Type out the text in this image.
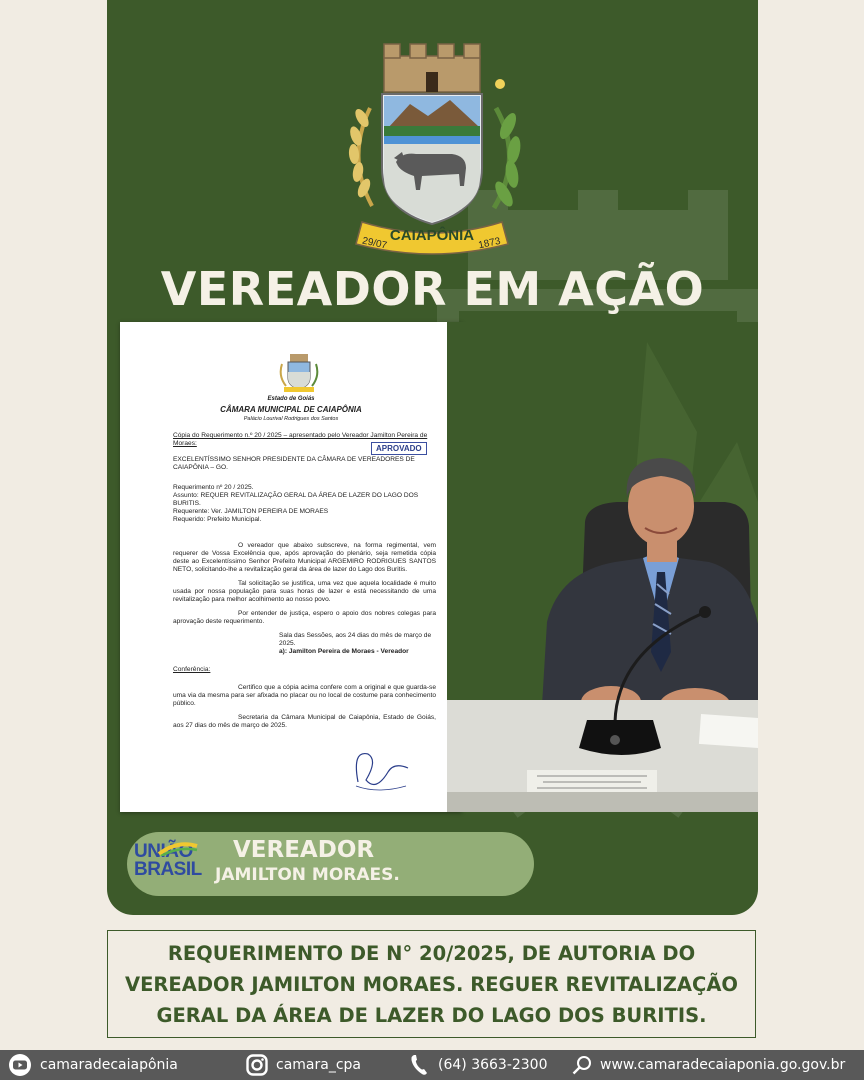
CAIAPÔNIA
29/07	1873
VEREADOR EM AÇÃO
Estado de Goiás
CÂMARA MUNICIPAL DE CAIAPÔNIA
Palácio Lourival Rodrigues dos Santos
APROVADO

Cópia do Requerimento n.º 20 / 2025 – apresentado pelo Vereador Jamilton Pereira de Moraes:

EXCELENTÍSSIMO SENHOR PRESIDENTE DA CÂMARA DE VEREADORES DE CAIAPÔNIA – GO.

Requerimento nº 20 / 2025.
Assunto: REQUER REVITALIZAÇÃO GERAL DA ÁREA DE LAZER DO LAGO DOS BURITIS.
Requerente: Ver. JAMILTON PEREIRA DE MORAES

Requerido: Prefeito Municipal.

O vereador que abaixo subscreve, na forma regimental, vem requerer de Vossa Excelência que, após aprovação do plenário, seja remetida cópia deste ao Excelentíssimo Senhor Prefeito Municipal ARGEMIRO RODRIGUES SANTOS NETO, solicitando-lhe a revitalização geral da área de lazer do Lago dos Buritis.

Tal solicitação se justifica, uma vez que aquela localidade é muito usada por nossa população para suas horas de lazer e está necessitando de uma revitalização para melhor acolhimento ao nosso povo.

Por entender de justiça, espero o apoio dos nobres colegas para aprovação deste requerimento.

Sala das Sessões, aos 24 dias do mês de março de 2025.

a): Jamilton Pereira de Moraes - Vereador

Conferência:

Certifico que a cópia acima confere com a original e que guarda-se uma via da mesma para ser afixada no placar ou no local de costume para conhecimento público.

Secretaria da Câmara Municipal de Caiapônia, Estado de Goiás, aos 27 dias do mês de março de 2025.

UNIÃO
BRASIL
VEREADOR
JAMILTON MORAES.
REQUERIMENTO DE N° 20/2025, DE AUTORIA DO VEREADOR JAMILTON MORAES. REGUER REVITALIZAÇÃO GERAL DA ÁREA DE LAZER DO LAGO DOS BURITIS.
camaradecaiapônia	camara_cpa	(64) 3663-2300	www.camaradecaiaponia.go.gov.br
